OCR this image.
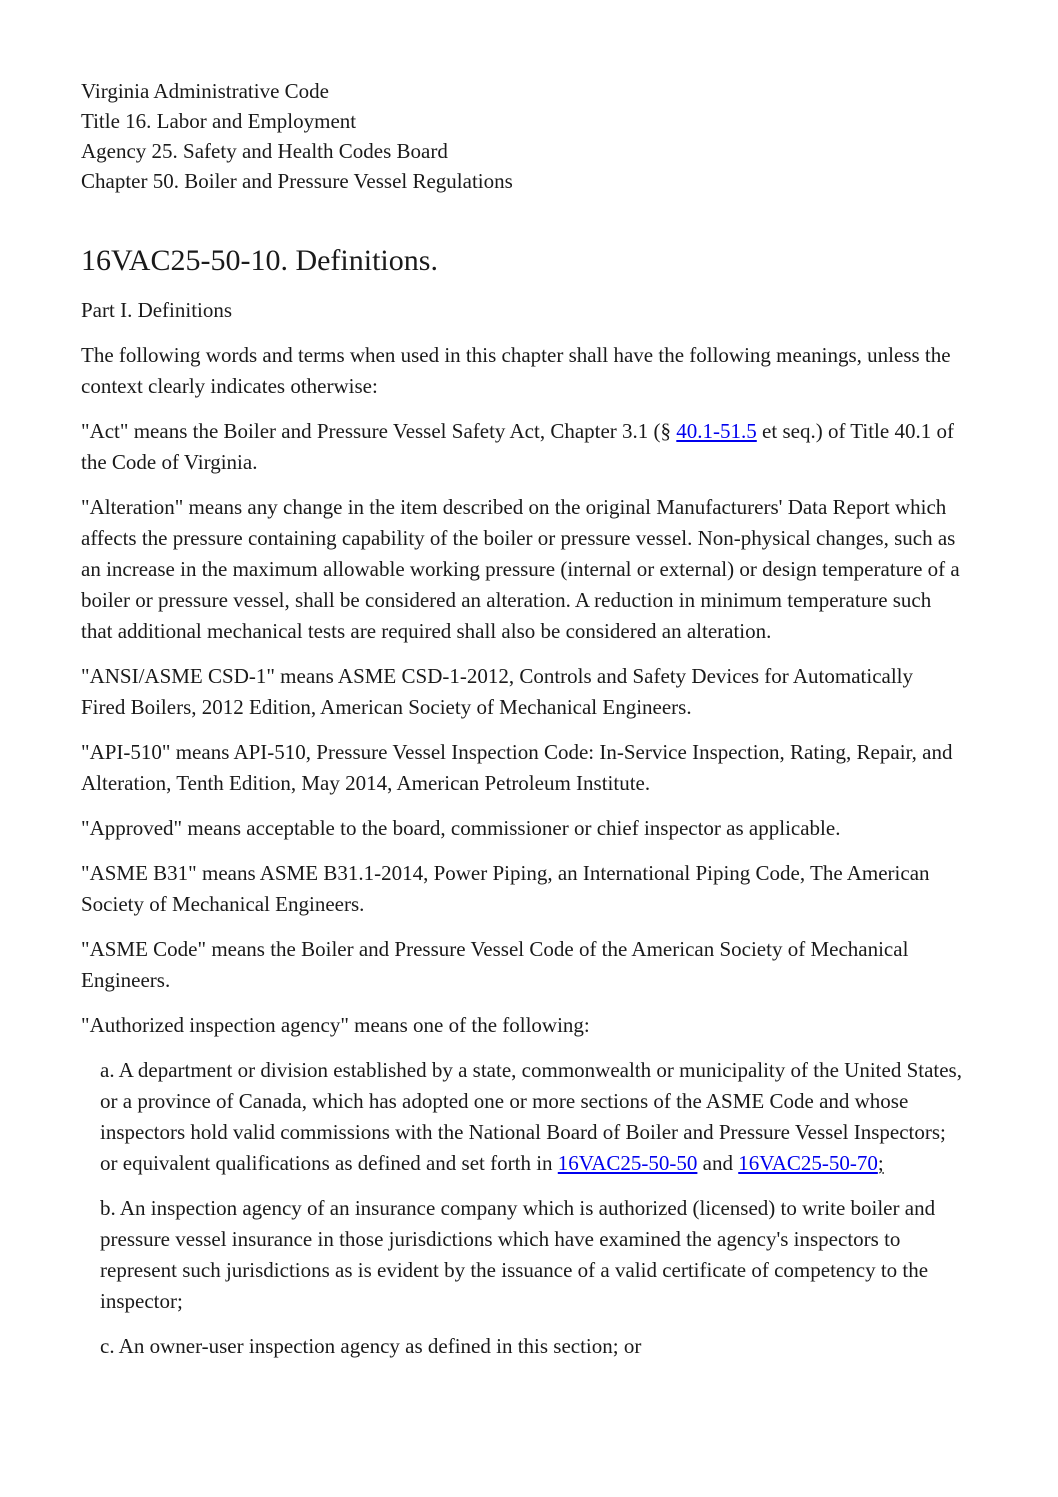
Virginia Administrative Code
Title 16. Labor and Employment
Agency 25. Safety and Health Codes Board
Chapter 50. Boiler and Pressure Vessel Regulations
16VAC25-50-10. Definitions.

Part I. Definitions

The following words and terms when used in this chapter shall have the following meanings, unless the context clearly indicates otherwise:

"Act" means the Boiler and Pressure Vessel Safety Act, Chapter 3.1 (§ 40.1-51.5 et seq.) of Title 40.1 of the Code of Virginia.

"Alteration" means any change in the item described on the original Manufacturers' Data Report which affects the pressure containing capability of the boiler or pressure vessel. Non-physical changes, such as an increase in the maximum allowable working pressure (internal or external) or design temperature of a boiler or pressure vessel, shall be considered an alteration. A reduction in minimum temperature such that additional mechanical tests are required shall also be considered an alteration.

"ANSI/ASME CSD-1" means ASME CSD-1-2012, Controls and Safety Devices for Automatically Fired Boilers, 2012 Edition, American Society of Mechanical Engineers.

"API-510" means API-510, Pressure Vessel Inspection Code: In-Service Inspection, Rating, Repair, and Alteration, Tenth Edition, May 2014, American Petroleum Institute.

"Approved" means acceptable to the board, commissioner or chief inspector as applicable.

"ASME B31" means ASME B31.1-2014, Power Piping, an International Piping Code, The American Society of Mechanical Engineers.

"ASME Code" means the Boiler and Pressure Vessel Code of the American Society of Mechanical Engineers.

"Authorized inspection agency" means one of the following:

a. A department or division established by a state, commonwealth or municipality of the United States, or a province of Canada, which has adopted one or more sections of the ASME Code and whose inspectors hold valid commissions with the National Board of Boiler and Pressure Vessel Inspectors; or equivalent qualifications as defined and set forth in 16VAC25-50-50 and 16VAC25-50-70;

b. An inspection agency of an insurance company which is authorized (licensed) to write boiler and pressure vessel insurance in those jurisdictions which have examined the agency's inspectors to represent such jurisdictions as is evident by the issuance of a valid certificate of competency to the inspector;

c. An owner-user inspection agency as defined in this section; or
